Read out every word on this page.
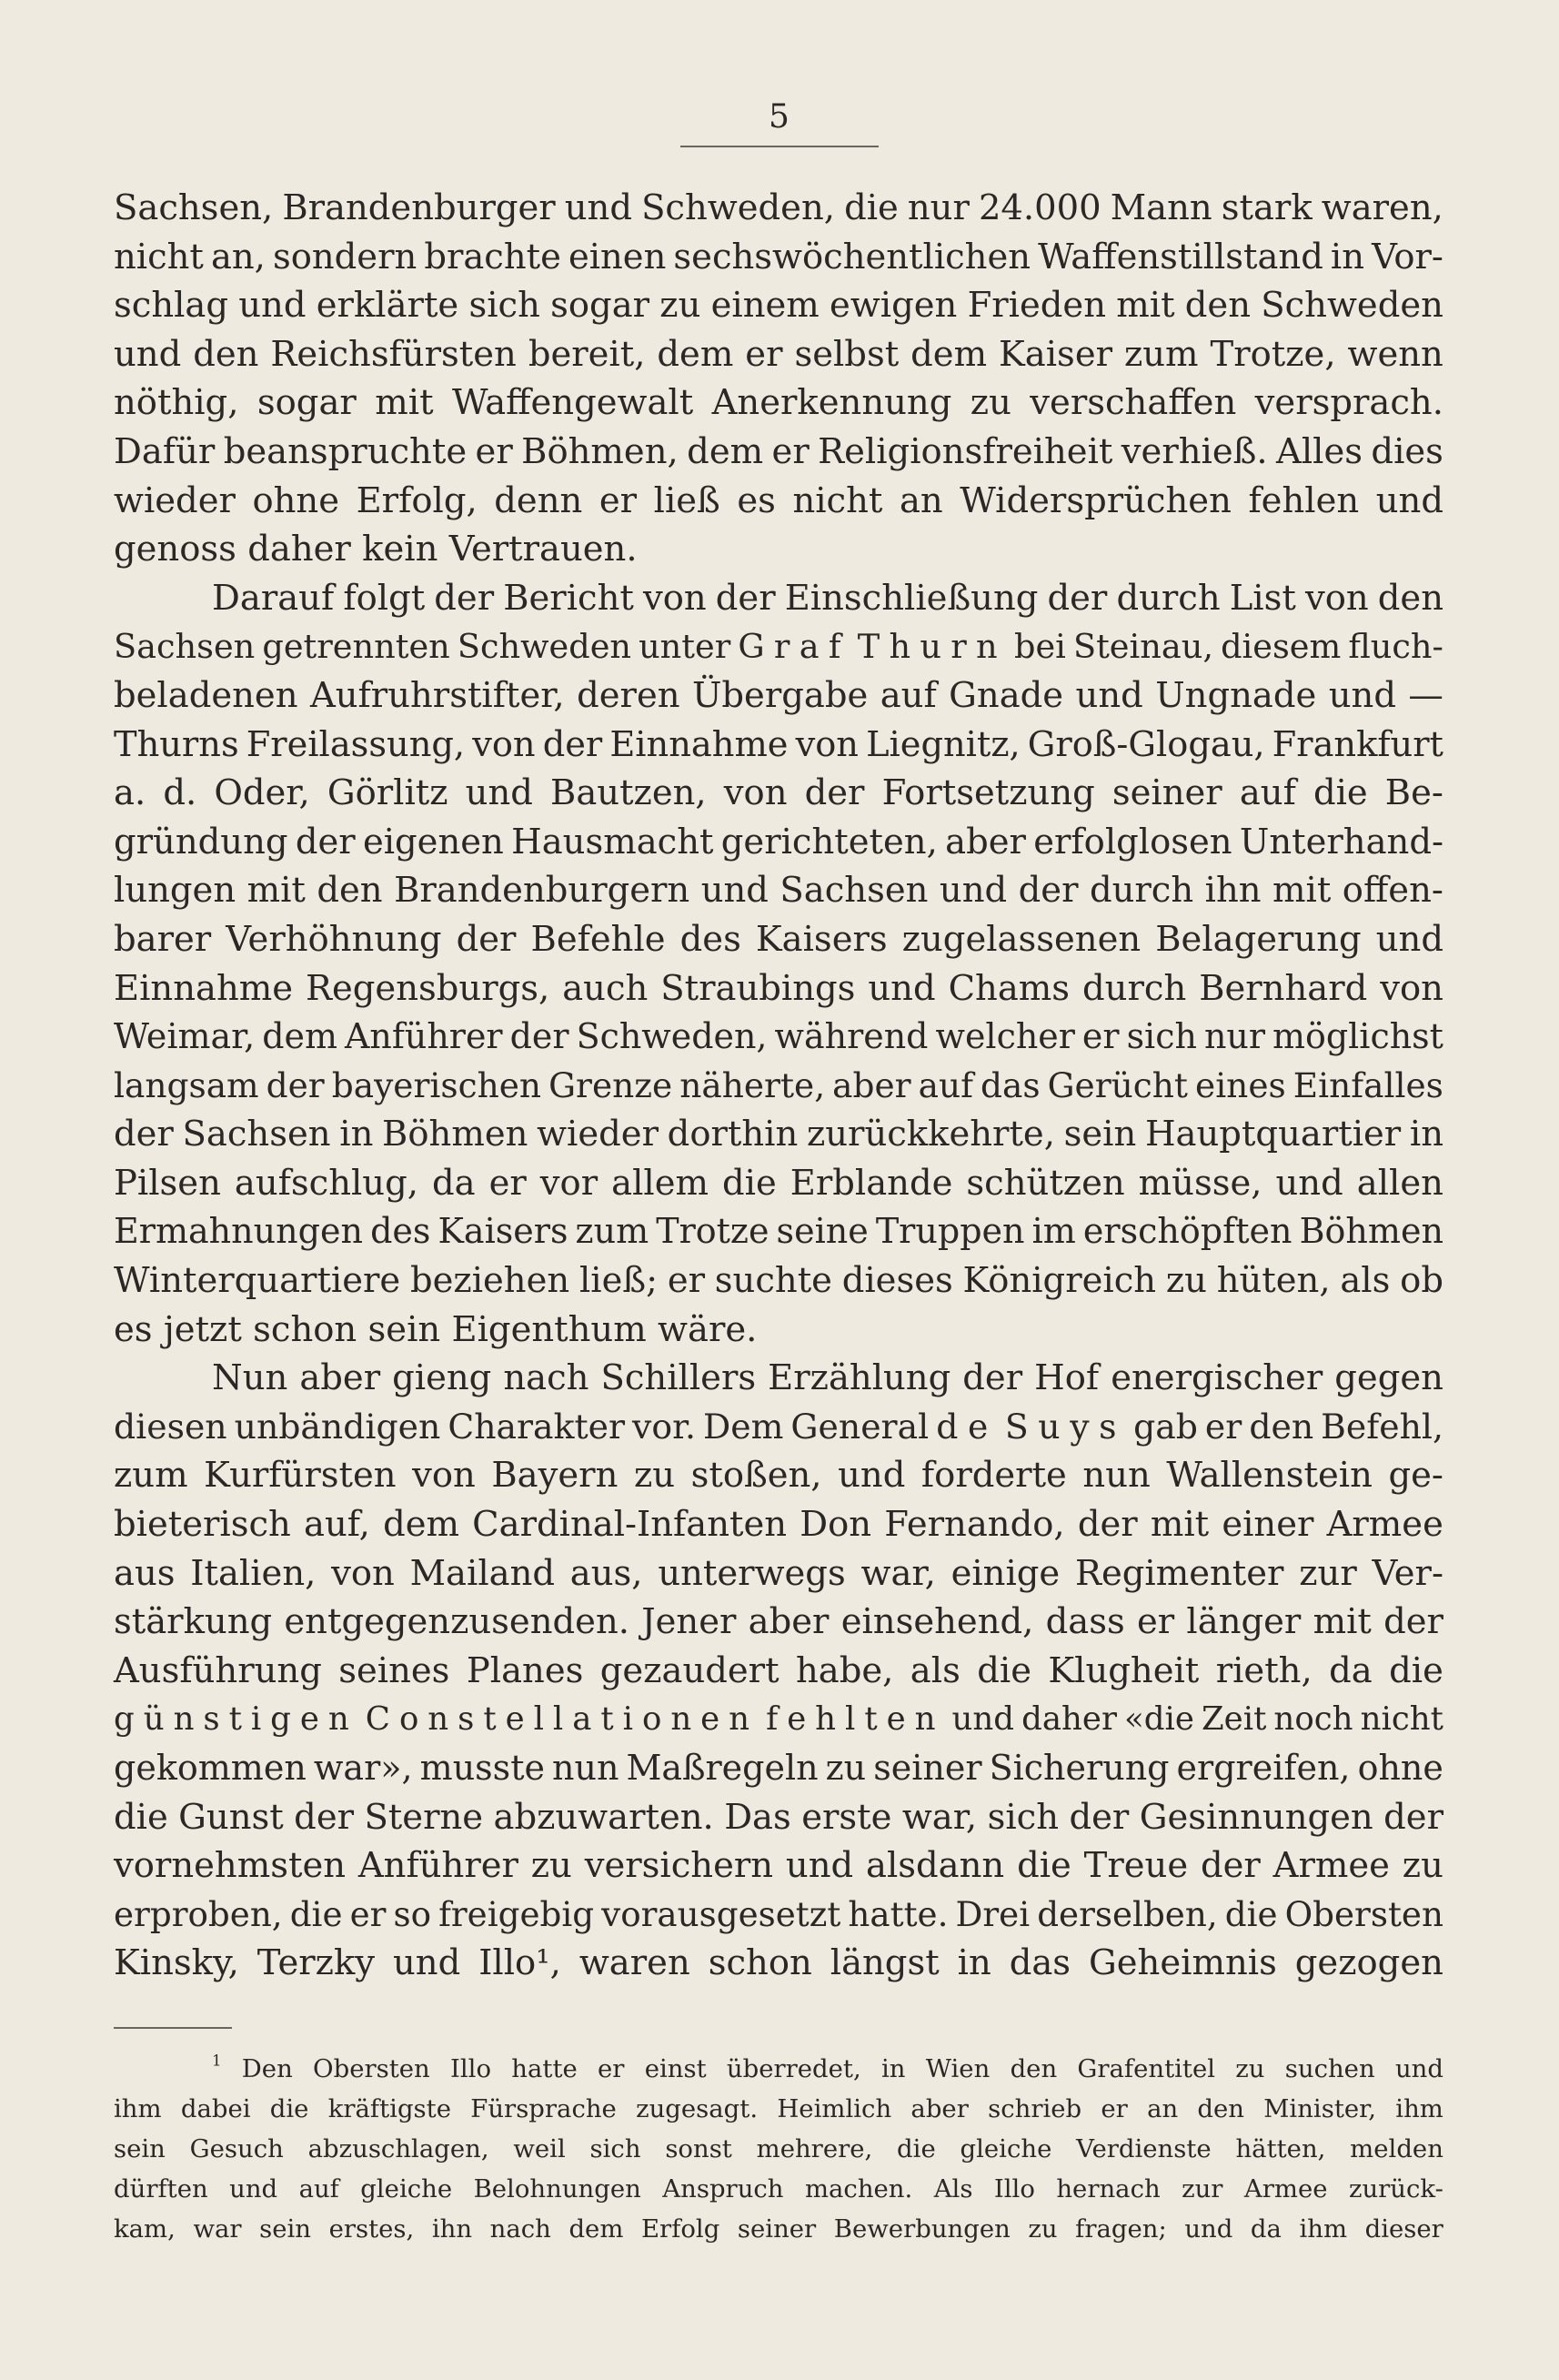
5
Sachsen, Brandenburger und Schweden, die nur 24.000 Mann stark waren,
nicht an, sondern brachte einen sechswöchentlichen Waffenstillstand in Vor-
schlag und erklärte sich sogar zu einem ewigen Frieden mit den Schweden
und den Reichsfürsten bereit, dem er selbst dem Kaiser zum Trotze, wenn
nöthig, sogar mit Waffengewalt Anerkennung zu verschaffen versprach.
Dafür beanspruchte er Böhmen, dem er Religionsfreiheit verhieß. Alles dies
wieder ohne Erfolg, denn er ließ es nicht an Widersprüchen fehlen und
genoss daher kein Vertrauen.
Darauf folgt der Bericht von der Einschließung der durch List von den
Sachsen getrennten Schweden unter Graf Thurn bei Steinau, diesem fluch-
beladenen Aufruhrstifter, deren Übergabe auf Gnade und Ungnade und —
Thurns Freilassung, von der Einnahme von Liegnitz, Groß-Glogau, Frankfurt
a. d. Oder, Görlitz und Bautzen, von der Fortsetzung seiner auf die Be-
gründung der eigenen Hausmacht gerichteten, aber erfolglosen Unterhand-
lungen mit den Brandenburgern und Sachsen und der durch ihn mit offen-
barer Verhöhnung der Befehle des Kaisers zugelassenen Belagerung und
Einnahme Regensburgs, auch Straubings und Chams durch Bernhard von
Weimar, dem Anführer der Schweden, während welcher er sich nur möglichst
langsam der bayerischen Grenze näherte, aber auf das Gerücht eines Einfalles
der Sachsen in Böhmen wieder dorthin zurückkehrte, sein Hauptquartier in
Pilsen aufschlug, da er vor allem die Erblande schützen müsse, und allen
Ermahnungen des Kaisers zum Trotze seine Truppen im erschöpften Böhmen
Winterquartiere beziehen ließ; er suchte dieses Königreich zu hüten, als ob
es jetzt schon sein Eigenthum wäre.
Nun aber gieng nach Schillers Erzählung der Hof energischer gegen
diesen unbändigen Charakter vor. Dem General de Suys gab er den Befehl,
zum Kurfürsten von Bayern zu stoßen, und forderte nun Wallenstein ge-
bieterisch auf, dem Cardinal-Infanten Don Fernando, der mit einer Armee
aus Italien, von Mailand aus, unterwegs war, einige Regimenter zur Ver-
stärkung entgegenzusenden. Jener aber einsehend, dass er länger mit der
Ausführung seines Planes gezaudert habe, als die Klugheit rieth, da die
günstigen Constellationen fehlten und daher «die Zeit noch nicht
gekommen war», musste nun Maßregeln zu seiner Sicherung ergreifen, ohne
die Gunst der Sterne abzuwarten. Das erste war, sich der Gesinnungen der
vornehmsten Anführer zu versichern und alsdann die Treue der Armee zu
erproben, die er so freigebig vorausgesetzt hatte. Drei derselben, die Obersten
Kinsky, Terzky und Illo¹, waren schon längst in das Geheimnis gezogen
$^1$ Den Obersten Illo hatte er einst überredet, in Wien den Grafentitel zu suchen und
ihm dabei die kräftigste Fürsprache zugesagt. Heimlich aber schrieb er an den Minister, ihm
sein Gesuch abzuschlagen, weil sich sonst mehrere, die gleiche Verdienste hätten, melden
dürften und auf gleiche Belohnungen Anspruch machen. Als Illo hernach zur Armee zurück-
kam, war sein erstes, ihn nach dem Erfolg seiner Bewerbungen zu fragen; und da ihm dieser
